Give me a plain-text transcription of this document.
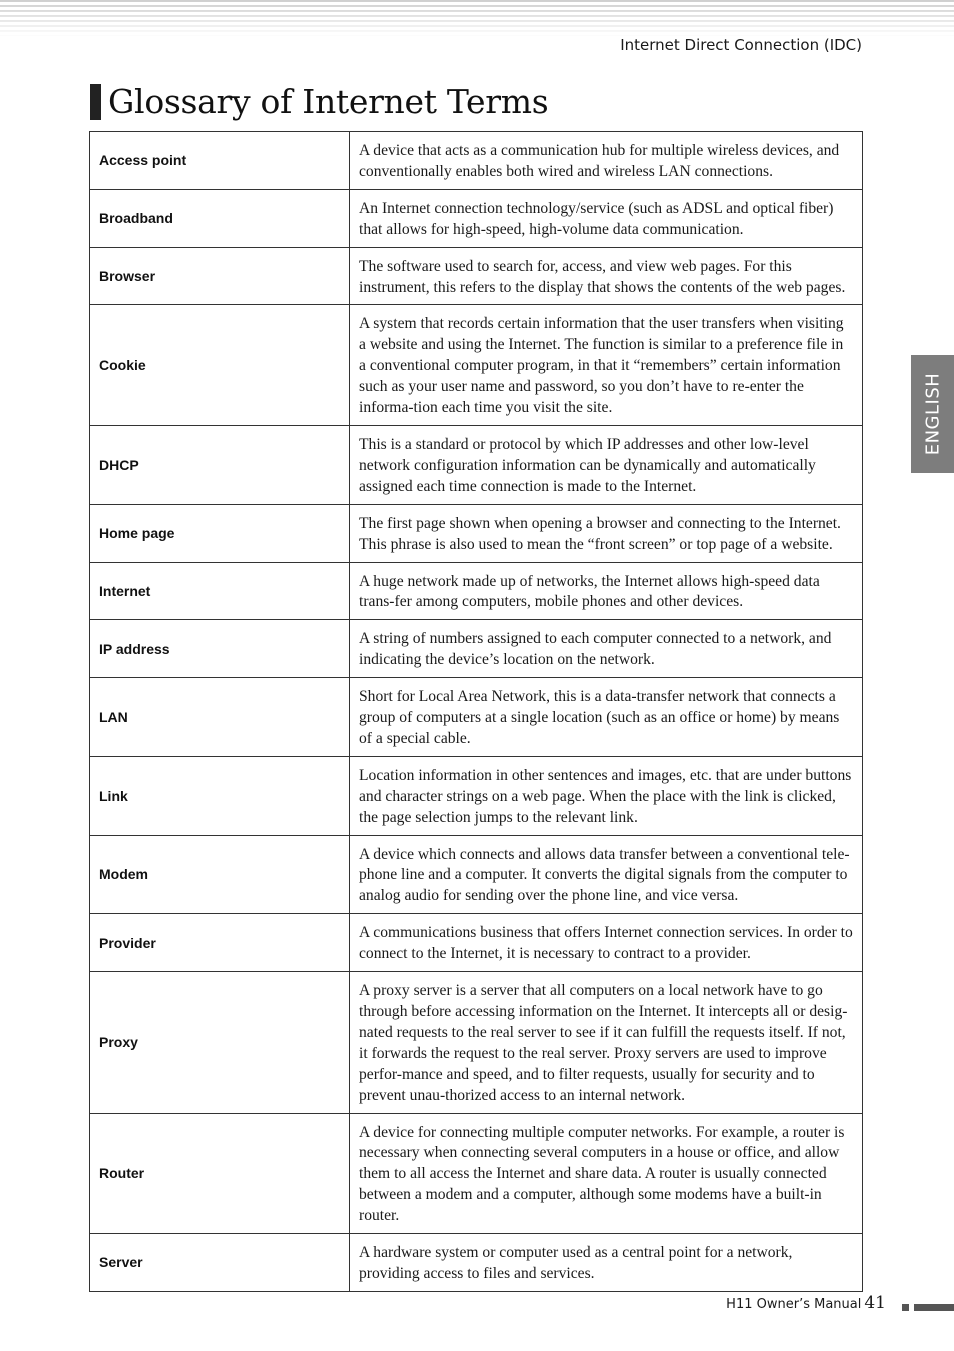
Internet Direct Connection (IDC)
Glossary of Internet Terms
Access point	A device that acts as a communication hub for multiple wireless devices, and conventionally enables both wired and wireless LAN connections.
Broadband	An Internet connection technology/service (such as ADSL and optical fiber) that allows for high-speed, high-volume data communication.
Browser	The software used to search for, access, and view web pages. For this instrument, this refers to the display that shows the contents of the web pages.
Cookie	A system that records certain information that the user transfers when visiting a website and using the Internet. The function is similar to a preference file in a conventional computer program, in that it “remembers” certain information such as your user name and password, so you don’t have to re-enter the informa-tion each time you visit the site.
DHCP	This is a standard or protocol by which IP addresses and other low-level network configuration information can be dynamically and automatically assigned each time connection is made to the Internet.
Home page	The first page shown when opening a browser and connecting to the Internet. This phrase is also used to mean the “front screen” or top page of a website.
Internet	A huge network made up of networks, the Internet allows high-speed data trans-fer among computers, mobile phones and other devices.
IP address	A string of numbers assigned to each computer connected to a network, and indicating the device’s location on the network.
LAN	Short for Local Area Network, this is a data-transfer network that connects a group of computers at a single location (such as an office or home) by means of a special cable.
Link	Location information in other sentences and images, etc. that are under buttons and character strings on a web page. When the place with the link is clicked, the page selection jumps to the relevant link.
Modem	A device which connects and allows data transfer between a conventional tele-phone line and a computer. It converts the digital signals from the computer to analog audio for sending over the phone line, and vice versa.
Provider	A communications business that offers Internet connection services. In order to connect to the Internet, it is necessary to contract to a provider.
Proxy	A proxy server is a server that all computers on a local network have to go through before accessing information on the Internet. It intercepts all or desig-nated requests to the real server to see if it can fulfill the requests itself. If not, it forwards the request to the real server. Proxy servers are used to improve perfor-mance and speed, and to filter requests, usually for security and to prevent unau-thorized access to an internal network.
Router	A device for connecting multiple computer networks. For example, a router is necessary when connecting several computers in a house or office, and allow them to all access the Internet and share data. A router is usually connected between a modem and a computer, although some modems have a built-in router.
Server	A hardware system or computer used as a central point for a network, providing access to files and services.
ENGLISH
H11 Owner’s Manual 41
